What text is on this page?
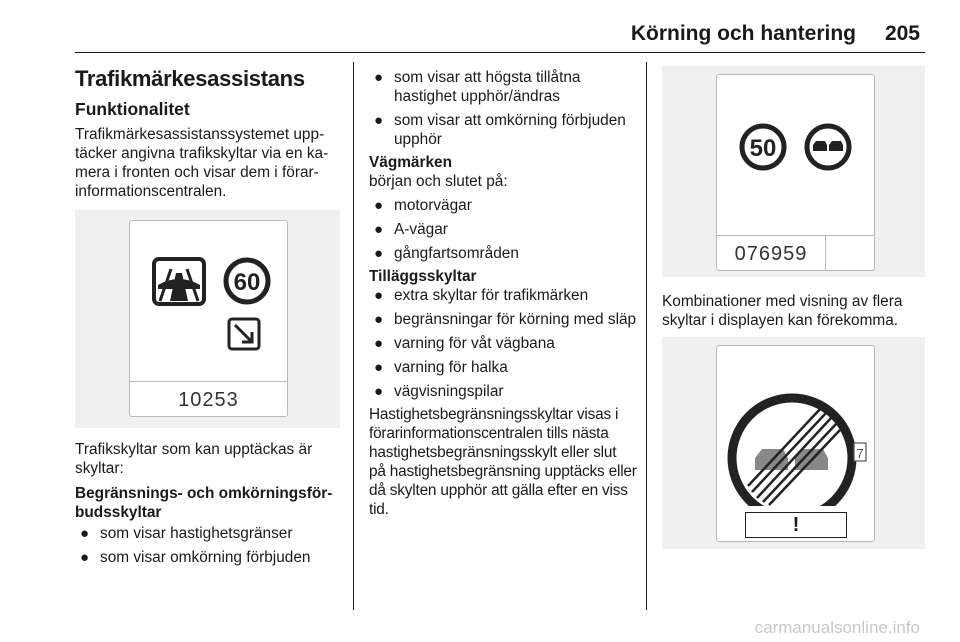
Körning och hantering 205
Trafikmärkesassistans
Funktionalitet

Trafikmärkesassistanssystemet upptäcker angivna trafikskyltar via en kamera i fronten och visar dem i förarinformationscentralen.

60
10253

Trafikskyltar som kan upptäckas är skyltar:

Begränsnings- och omkörningsförbudsskyltar

● som visar hastighetsgränser
● som visar omkörning förbjuden
● som visar att högsta tillåtna hastighet upphör/ändras
● som visar att omkörning förbjuden upphör

Vägmärken

början och slutet på:

● motorvägar
● A-vägar
● gångfartsområden

Tilläggsskyltar

● extra skyltar för trafikmärken
● begränsningar för körning med släp
● varning för våt vägbana
● varning för halka
● vägvisningspilar

Hastighetsbegränsningsskyltar visas i förarinformationscentralen tills nästa hastighetsbegränsningsskylt eller slut på hastighetsbegränsning upptäcks eller då skylten upphör att gälla efter en viss tid.

50
076959

Kombinationer med visning av flera skyltar i displayen kan förekomma.

7
!
carmanualsonline.info
